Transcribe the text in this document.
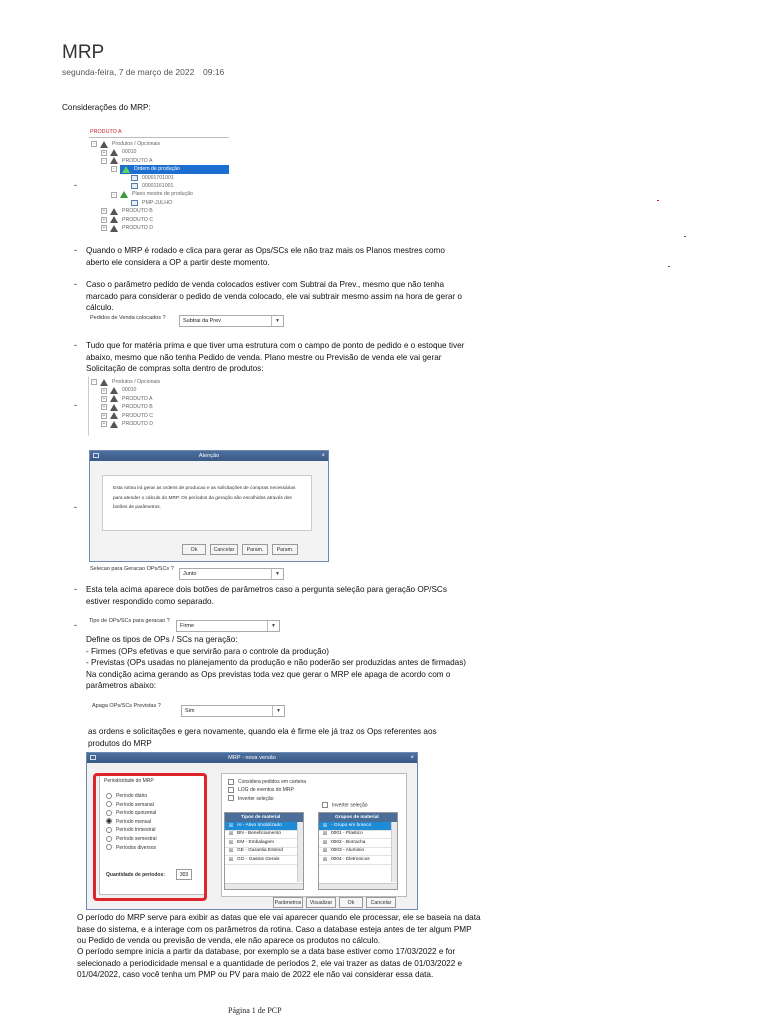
MRP
segunda-feira, 7 de março de 2022 09:16
Considerações do MRP:
-
PRODUTO A
-	Produtos / Opcionais
+	00010
-	PRODUTO A
-	Ordem de produção
00001701001
00001161001
-	Plano mestre de produção
PMP-JULHO
+	PRODUTO B
+	PRODUTO C
+	PRODUTO D
- Quando o MRP é rodado e clica para gerar as Ops/SCs ele não traz mais os Planos mestres como aberto ele considera a OP a partir deste momento.
- Caso o parâmetro pedido de venda colocados estiver com Subtrai da Prev., mesmo que não tenha marcado para considerar o pedido de venda colocado, ele vai subtrair mesmo assim na hora de gerar o cálculo.
Pedidos de Venda colocados ?	Subtrai da Prev	▼
- Tudo que for matéria prima e que tiver uma estrutura com o campo de ponto de pedido e o estoque tiver abaixo, mesmo que não tenha Pedido de venda. Plano mestre ou Previsão de venda ele vai gerar Solicitação de compras solta dentro de produtos:
-
-	Produtos / Opcionais
+	00010
+	PRODUTO A
+	PRODUTO B
+	PRODUTO C
+	PRODUTO D
-
Atenção	×
Esta rotina irá gerar as ordens de producao e as solicitações de compras necessárias para atender o cálculo do MRP. Os períodos da geração são escolhidos através dos botões de parâmetros.
Ok	Cancelar	Param.	Param.
Selecao para Geracao OPs/SCs ?
Junto	▼
- Esta tela acima aparece dois botões de parâmetros caso a pergunta seleção para geração OP/SCs estiver respondido como separado.
- Tipo de OPs/SCs para geracao ?
Firme	▼
Define os tipos de OPs / SCs na geração:
- Firmes (OPs efetivas e que servirão para o controle da produção)
- Previstas (OPs usadas no planejamento da produção e não poderão ser produzidas antes de firmadas)
Na condição acima gerando as Ops previstas toda vez que gerar o MRP ele apaga de acordo com o parâmetros abaixo:
Apaga OPs/SCs Previstas ?
Sim	▼
as ordens e solicitações e gera novamente, quando ela é firme ele já traz os Ops referentes aos produtos do MRP
MRP - nova versão	×
Periodicidade do MRP
Período diário
Período semanal
Período quinzenal
Período mensal
Período trimestral
Período semestral
Períodos diversos
Quantidade de períodos:	303
Considera pedidos em carteira
LOG de eventos do MRP
Inverter seleção
Inverter seleção
Tipos de material
☒ AI - Ativo Imobilizado
☒ BN - Beneficiamento
☒ EM - Embalagem
☒ GE - Garantia Estend
☒ GG - Gastos Gerais
Grupos de material
☒ - Grupo em branco
☒ 0001 - Plastico
☒ 0002 - Borracha
☒ 0003 - Aluminio
☒ 0004 - Eletronicos
Parâmetros	Visualizar	Ok	Cancelar
O período do MRP serve para exibir as datas que ele vai aparecer quando ele processar, ele se baseia na data base do sistema, e a interage com os parâmetros da rotina. Caso a database esteja antes de ter algum PMP ou Pedido de venda ou previsão de venda, ele não aparece os produtos no cálculo.
O período sempre inicia a partir da database, por exemplo se a data base estiver como 17/03/2022 e for selecionado a periodicidade mensal e a quantidade de períodos 2, ele vai trazer as datas de 01/03/2022 e 01/04/2022, caso você tenha um PMP ou PV para maio de 2022 ele não vai considerar essa data.
Página 1 de PCP
